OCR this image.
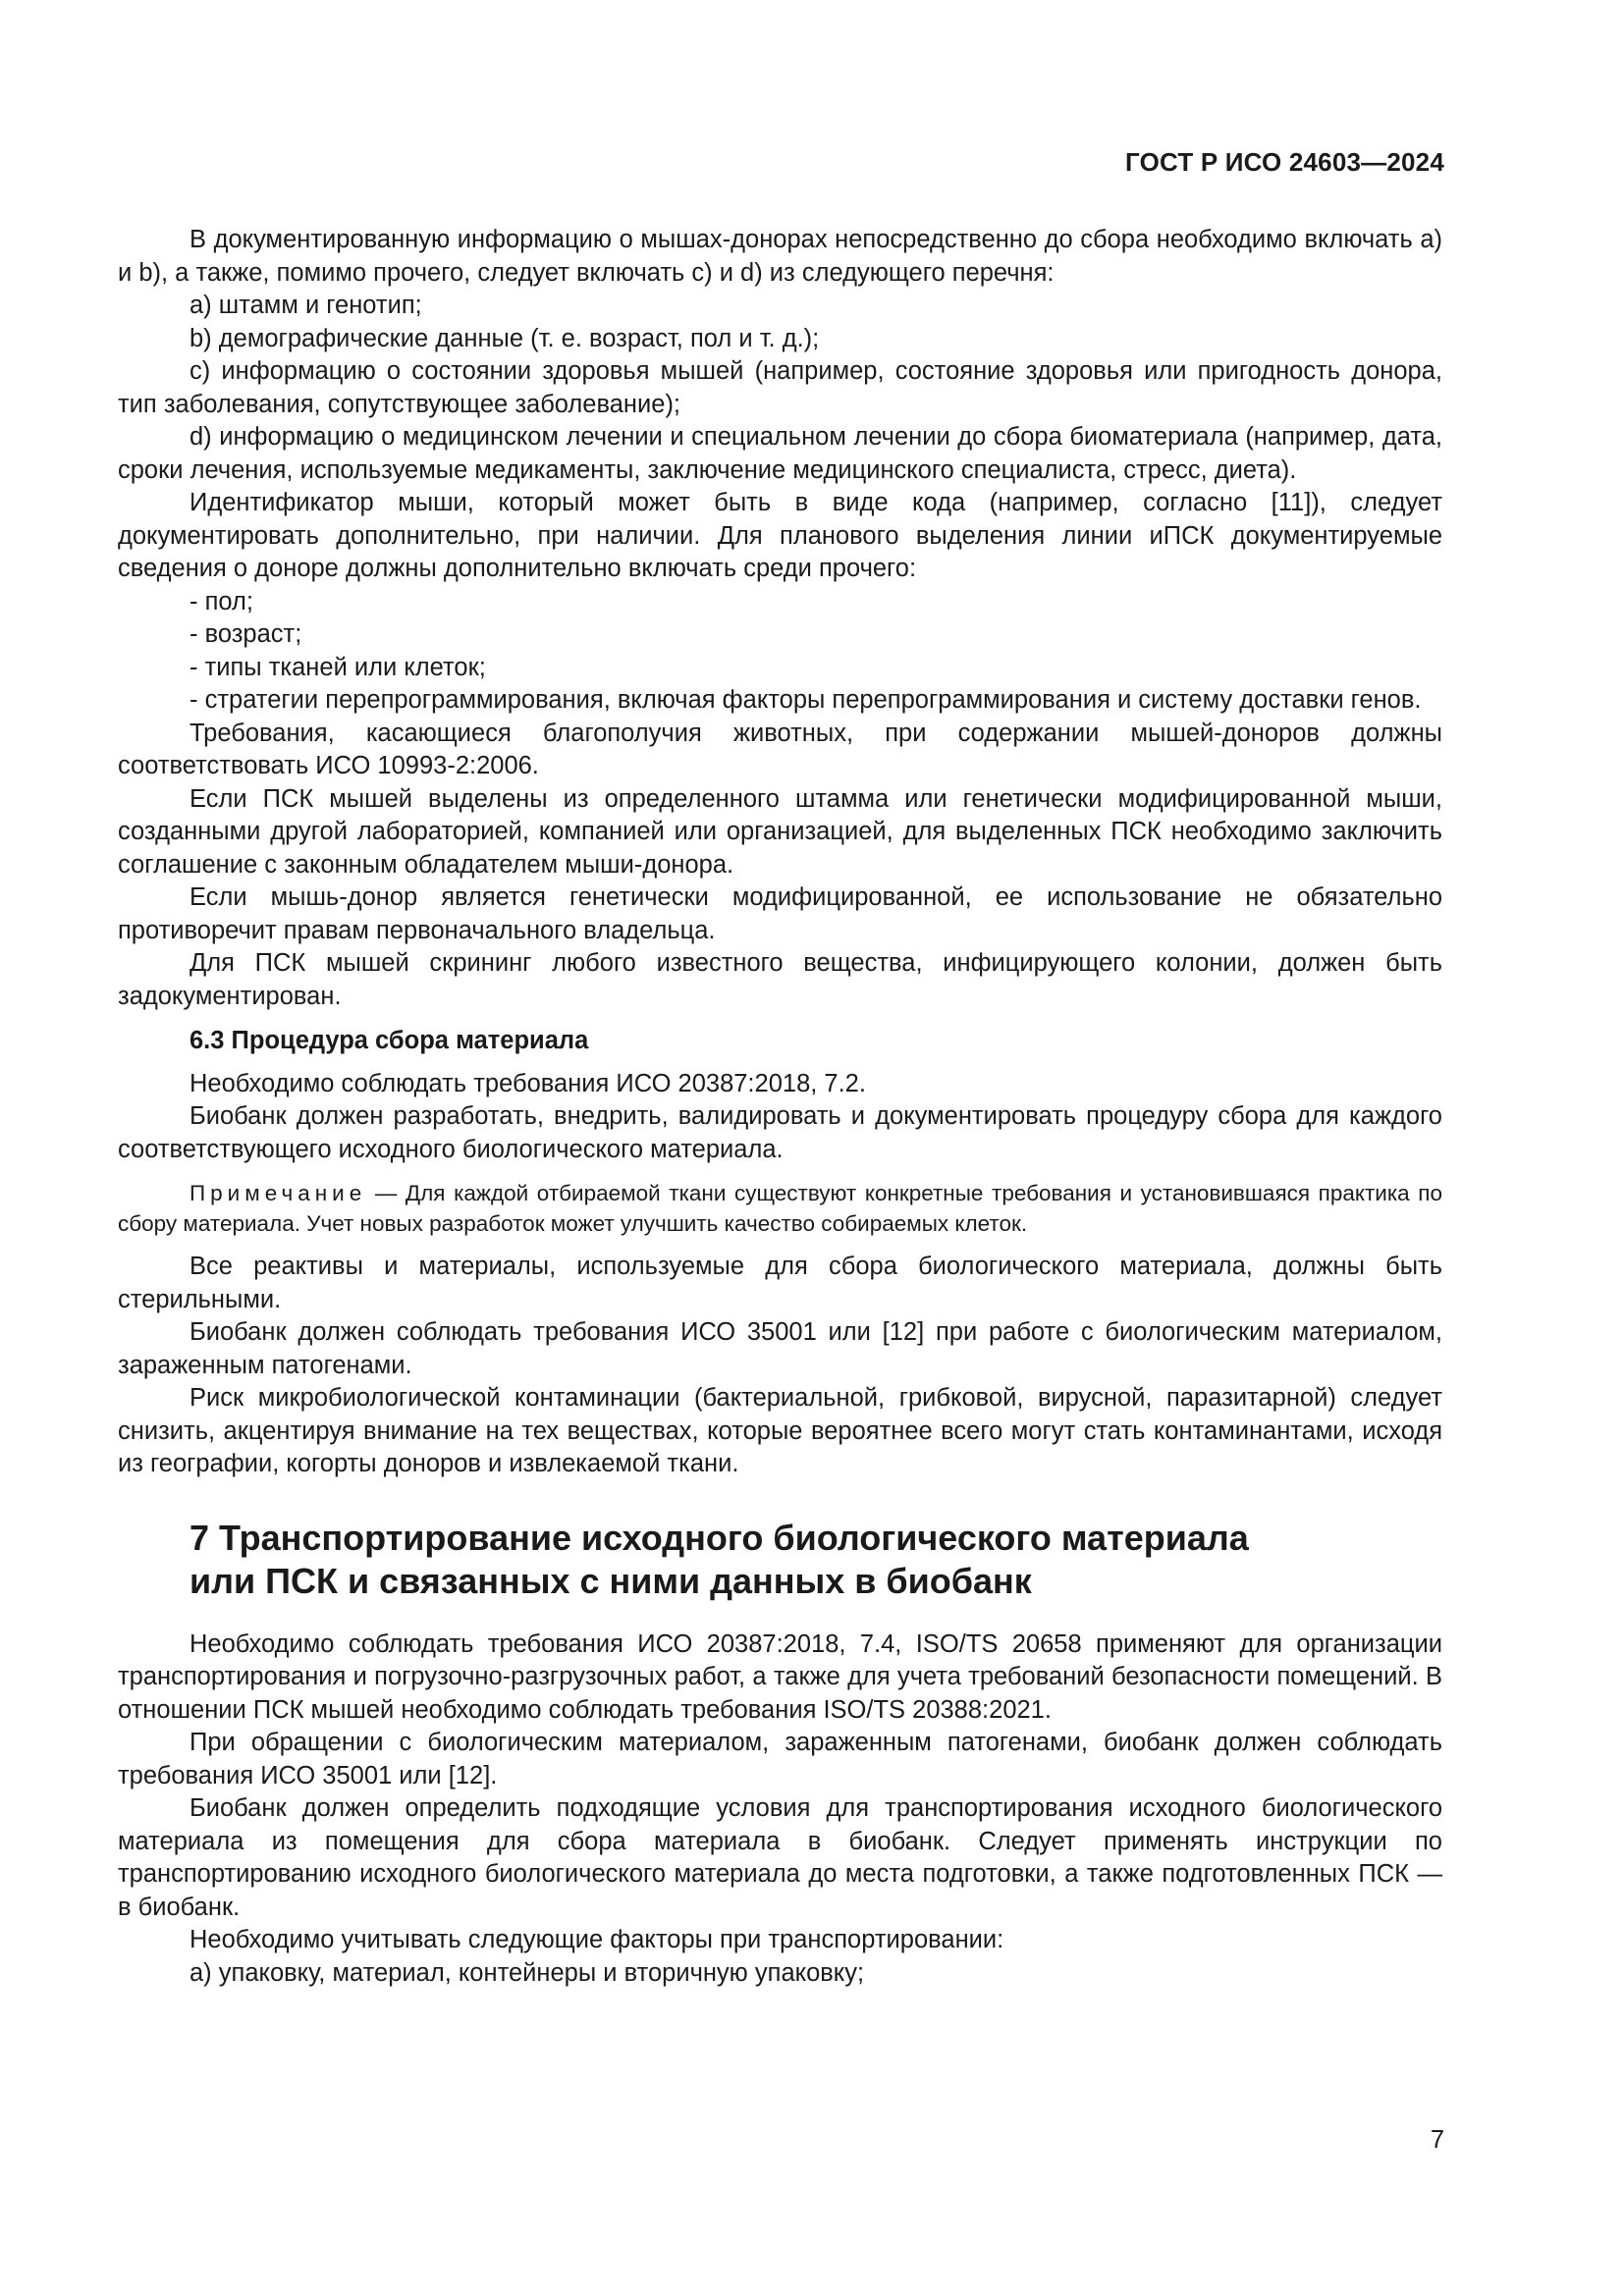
ГОСТ Р ИСО 24603—2024

В документированную информацию о мышах-донорах непосредственно до сбора необходимо включать a) и b), а также, помимо прочего, следует включать c) и d) из следующего перечня:

a) штамм и генотип;

b) демографические данные (т. е. возраст, пол и т. д.);

c) информацию о состоянии здоровья мышей (например, состояние здоровья или пригодность донора, тип заболевания, сопутствующее заболевание);

d) информацию о медицинском лечении и специальном лечении до сбора биоматериала (например, дата, сроки лечения, используемые медикаменты, заключение медицинского специалиста, стресс, диета).

Идентификатор мыши, который может быть в виде кода (например, согласно [11]), следует документировать дополнительно, при наличии. Для планового выделения линии иПСК документируемые сведения о доноре должны дополнительно включать среди прочего:

- пол;

- возраст;

- типы тканей или клеток;

- стратегии перепрограммирования, включая факторы перепрограммирования и систему доставки генов.

Требования, касающиеся благополучия животных, при содержании мышей-доноров должны соответствовать ИСО 10993-2:2006.

Если ПСК мышей выделены из определенного штамма или генетически модифицированной мыши, созданными другой лабораторией, компанией или организацией, для выделенных ПСК необходимо заключить соглашение с законным обладателем мыши-донора.

Если мышь-донор является генетически модифицированной, ее использование не обязательно противоречит правам первоначального владельца.

Для ПСК мышей скрининг любого известного вещества, инфицирующего колонии, должен быть задокументирован.

6.3 Процедура сбора материала

Необходимо соблюдать требования ИСО 20387:2018, 7.2.

Биобанк должен разработать, внедрить, валидировать и документировать процедуру сбора для каждого соответствующего исходного биологического материала.

Примечание — Для каждой отбираемой ткани существуют конкретные требования и установившаяся практика по сбору материала. Учет новых разработок может улучшить качество собираемых клеток.

Все реактивы и материалы, используемые для сбора биологического материала, должны быть стерильными.

Биобанк должен соблюдать требования ИСО 35001 или [12] при работе с биологическим материалом, зараженным патогенами.

Риск микробиологической контаминации (бактериальной, грибковой, вирусной, паразитарной) следует снизить, акцентируя внимание на тех веществах, которые вероятнее всего могут стать контаминантами, исходя из географии, когорты доноров и извлекаемой ткани.

7 Транспортирование исходного биологического материала
или ПСК и связанных с ними данных в биобанк

Необходимо соблюдать требования ИСО 20387:2018, 7.4, ISO/TS 20658 применяют для организации транспортирования и погрузочно-разгрузочных работ, а также для учета требований безопасности помещений. В отношении ПСК мышей необходимо соблюдать требования ISO/TS 20388:2021.

При обращении с биологическим материалом, зараженным патогенами, биобанк должен соблюдать требования ИСО 35001 или [12].

Биобанк должен определить подходящие условия для транспортирования исходного биологического материала из помещения для сбора материала в биобанк. Следует применять инструкции по транспортированию исходного биологического материала до места подготовки, а также подготовленных ПСК — в биобанк.

Необходимо учитывать следующие факторы при транспортировании:

a) упаковку, материал, контейнеры и вторичную упаковку;

7
